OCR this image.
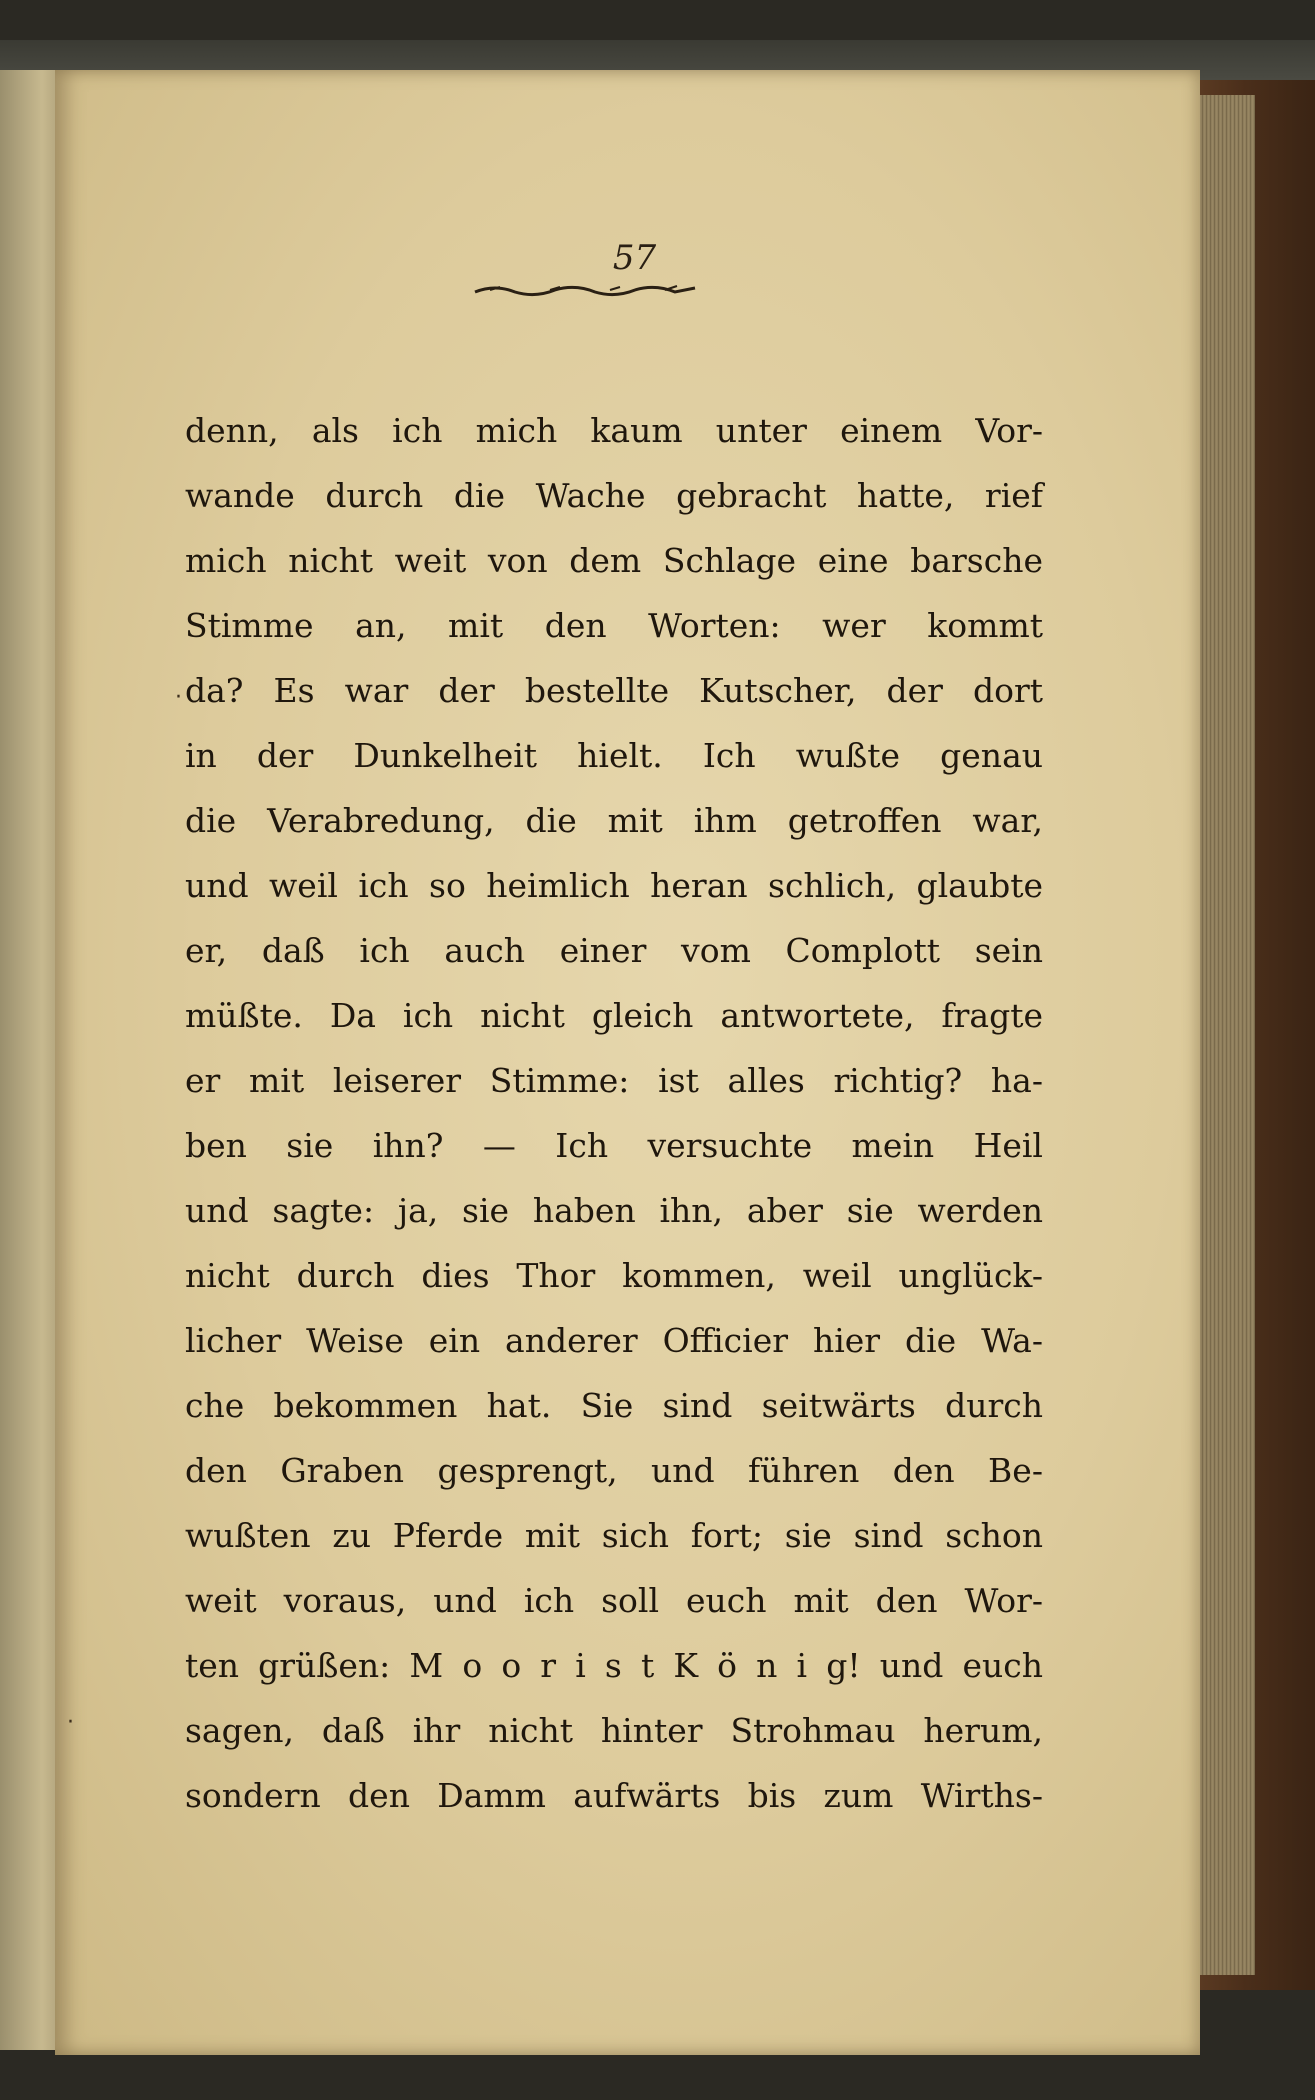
57
denn, als ich mich kaum unter einem Vor-
wande durch die Wache gebracht hatte, rief
mich nicht weit von dem Schlage eine barsche
Stimme an, mit den Worten: wer kommt
da? Es war der bestellte Kutscher, der dort
in der Dunkelheit hielt. Ich wußte genau
die Verabredung, die mit ihm getroffen war,
und weil ich so heimlich heran schlich, glaubte
er, daß ich auch einer vom Complott sein
müßte. Da ich nicht gleich antwortete, fragte
er mit leiserer Stimme: ist alles richtig? ha-
ben sie ihn? — Ich versuchte mein Heil
und sagte: ja, sie haben ihn, aber sie werden
nicht durch dies Thor kommen, weil unglück-
licher Weise ein anderer Officier hier die Wa-
che bekommen hat. Sie sind seitwärts durch
den Graben gesprengt, und führen den Be-
wußten zu Pferde mit sich fort; sie sind schon
weit voraus, und ich soll euch mit den Wor-
ten grüßen: M o o r i s t K ö n i g! und euch
sagen, daß ihr nicht hinter Strohmau herum,
sondern den Damm aufwärts bis zum Wirths-
·
·
